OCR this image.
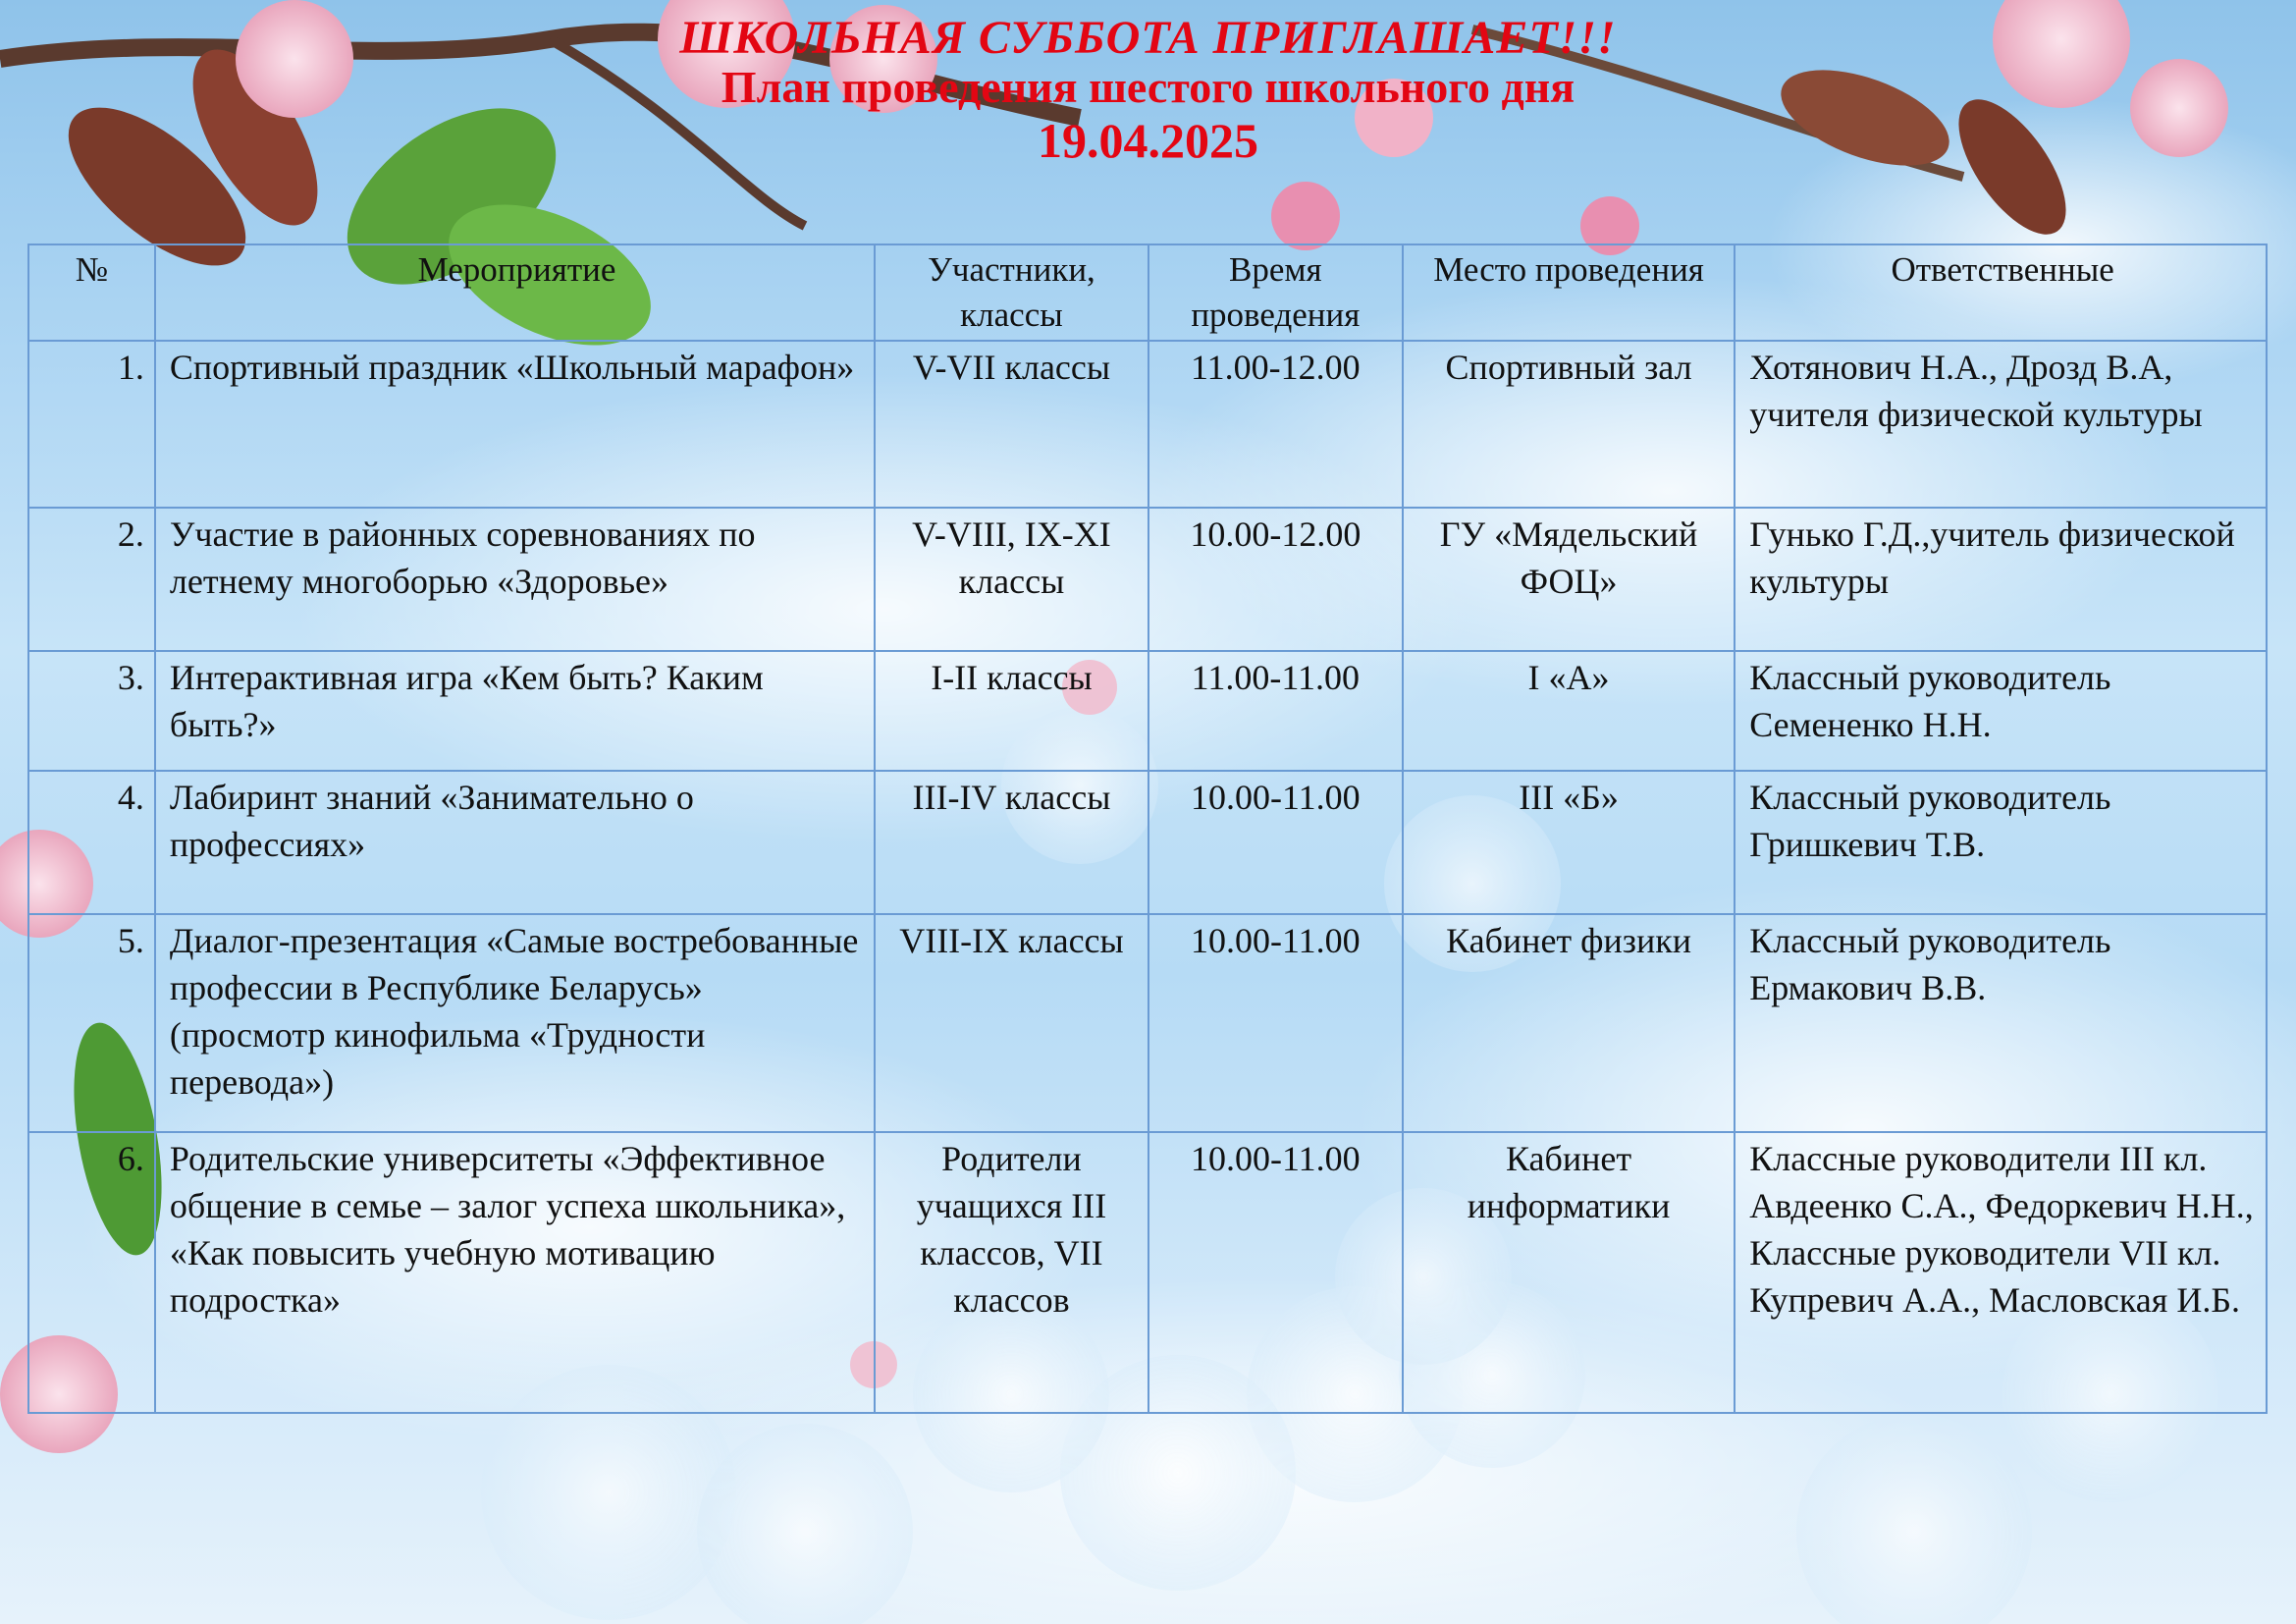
ШКОЛЬНАЯ СУББОТА ПРИГЛАШАЕТ!!!
План проведения шестого школьного дня
19.04.2025
№	Мероприятие	Участники, классы	Время проведения	Место проведения	Ответственные
1.	Спортивный праздник «Школьный марафон»	V-VII классы	11.00-12.00	Спортивный зал	Хотянович Н.А., Дрозд В.А, учителя физической культуры
2.	Участие в районных соревнованиях по летнему многоборью «Здоровье»	V-VIII, IX-XI классы	10.00-12.00	ГУ «Мядельский ФОЦ»	Гунько Г.Д.,учитель физической культуры
3.	Интерактивная игра «Кем быть? Каким быть?»	I-II классы	11.00-11.00	I «А»	Классный руководитель Семененко Н.Н.
4.	Лабиринт знаний «Занимательно о профессиях»	III-IV классы	10.00-11.00	III «Б»	Классный руководитель Гришкевич Т.В.
5.	Диалог-презентация «Самые востребованные профессии в Республике Беларусь» (просмотр кинофильма «Трудности перевода»)	VIII-IX классы	10.00-11.00	Кабинет физики	Классный руководитель Ермакович В.В.
6.	Родительские университеты «Эффективное общение в семье – залог успеха школьника», «Как повысить учебную мотивацию подростка»	Родители учащихся III классов, VII классов	10.00-11.00	Кабинет информатики	Классные руководители III кл. Авдеенко С.А., Федоркевич Н.Н., Классные руководители VII кл. Купревич А.А., Масловская И.Б.
